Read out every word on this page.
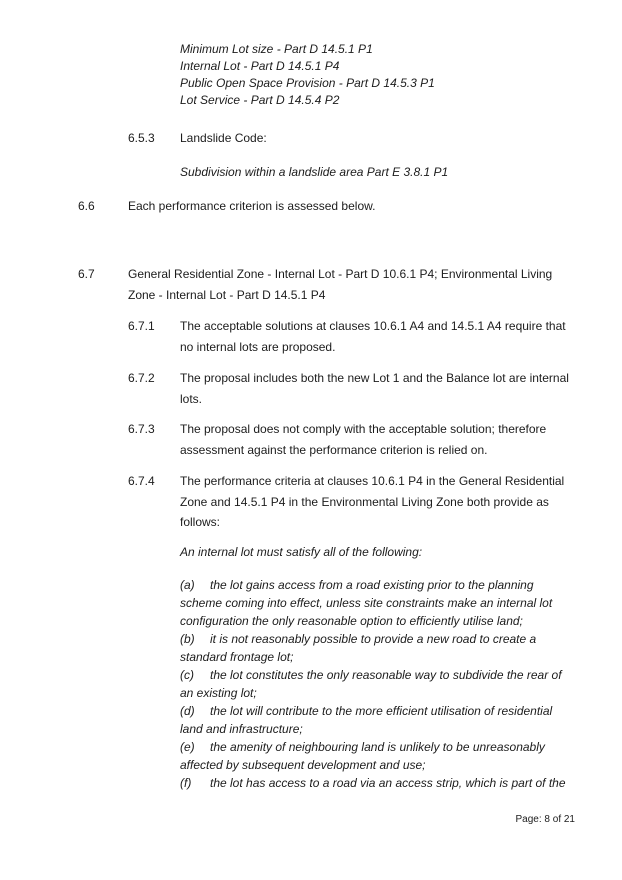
Minimum Lot size - Part D 14.5.1 P1
Internal Lot - Part D 14.5.1 P4
Public Open Space Provision - Part D 14.5.3 P1
Lot Service - Part D 14.5.4 P2
6.5.3 Landslide Code:
Subdivision within a landslide area Part E 3.8.1 P1
6.6	Each performance criterion is assessed below.
6.7	General Residential Zone - Internal Lot - Part D 10.6.1 P4; Environmental Living Zone - Internal Lot - Part D 14.5.1 P4
6.7.1 The acceptable solutions at clauses 10.6.1 A4 and 14.5.1 A4 require that no internal lots are proposed.
6.7.2 The proposal includes both the new Lot 1 and the Balance lot are internal lots.
6.7.3 The proposal does not comply with the acceptable solution; therefore assessment against the performance criterion is relied on.
6.7.4 The performance criteria at clauses 10.6.1 P4 in the General Residential Zone and 14.5.1 P4 in the Environmental Living Zone both provide as follows:
An internal lot must satisfy all of the following:

(a) the lot gains access from a road existing prior to the planning scheme coming into effect, unless site constraints make an internal lot configuration the only reasonable option to efficiently utilise land;

(b) it is not reasonably possible to provide a new road to create a standard frontage lot;

(c) the lot constitutes the only reasonable way to subdivide the rear of an existing lot;

(d) the lot will contribute to the more efficient utilisation of residential land and infrastructure;

(e) the amenity of neighbouring land is unlikely to be unreasonably affected by subsequent development and use;

(f) the lot has access to a road via an access strip, which is part of the

Page: 8 of 21
